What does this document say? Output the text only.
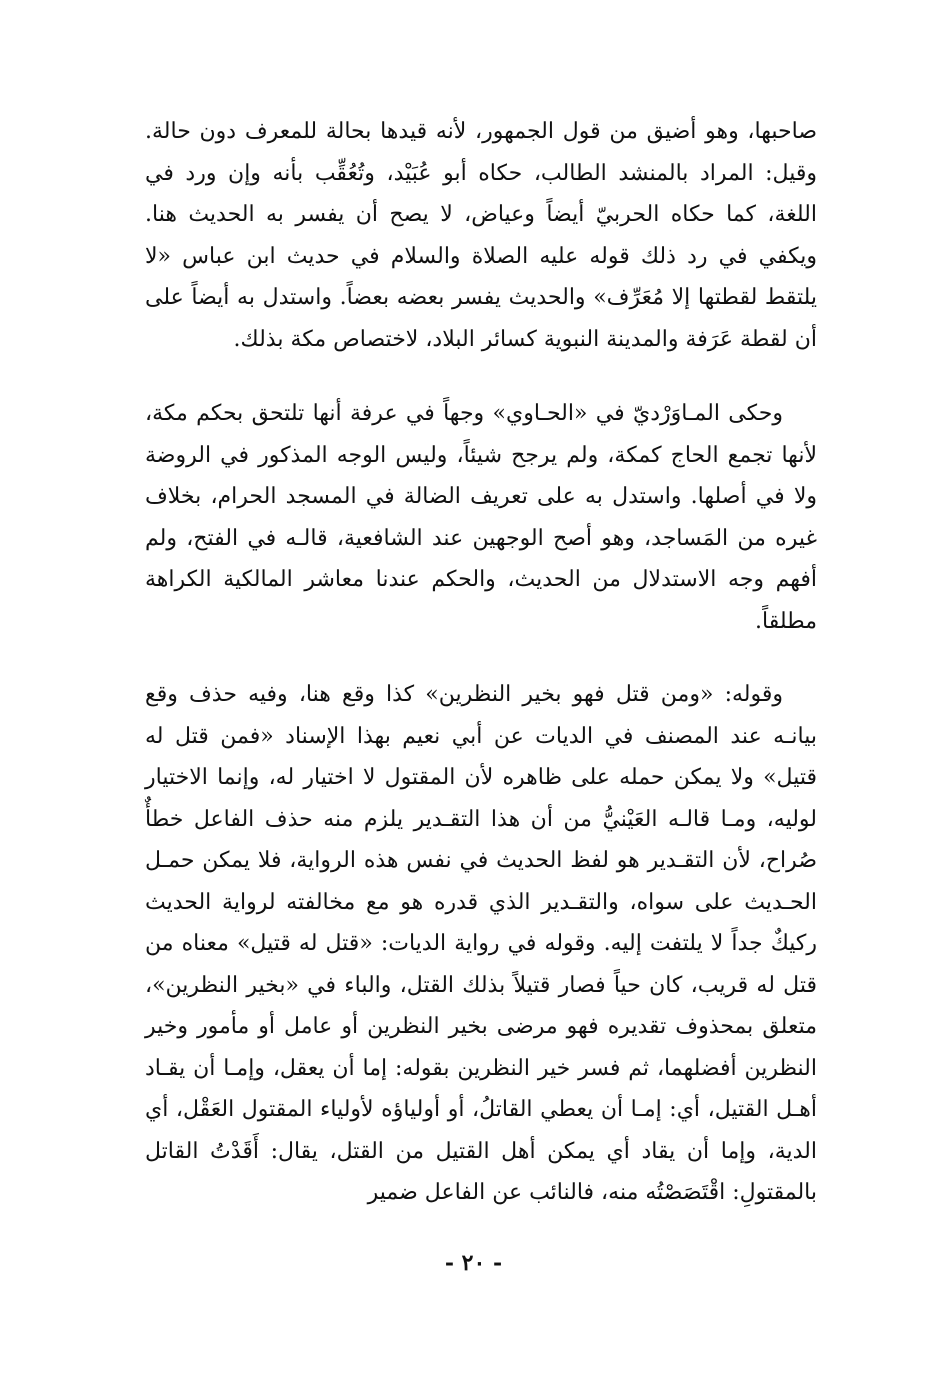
صاحبها، وهو أضيق من قول الجمهور، لأنه قيدها بحالة للمعرف دون حالة. وقيل: المراد بالمنشد الطالب، حكاه أبو عُبَيْد، وتُعُقِّب بأنه وإن ورد في اللغة، كما حكاه الحربيّ أيضاً وعياض، لا يصح أن يفسر به الحديث هنا. ويكفي في رد ذلك قوله عليه الصلاة والسلام في حديث ابن عباس «لا يلتقط لقطتها إلا مُعَرِّف» والحديث يفسر بعضه بعضاً. واستدل به أيضاً على أن لقطة عَرَفة والمدينة النبوية كسائر البلاد، لاختصاص مكة بذلك.

وحكى المـاوَرْديّ في «الحـاوي» وجهاً في عرفة أنها تلتحق بحكم مكة، لأنها تجمع الحاج كمكة، ولم يرجح شيئاً، وليس الوجه المذكور في الروضة ولا في أصلها. واستدل به على تعريف الضالة في المسجد الحرام، بخلاف غيره من المَساجد، وهو أصح الوجهين عند الشافعية، قالـه في الفتح، ولم أفهم وجه الاستدلال من الحديث، والحكم عندنا معاشر المالكية الكراهة مطلقاً.

وقوله: «ومن قتل فهو بخير النظرين» كذا وقع هنا، وفيه حذف وقع بيانـه عند المصنف في الديات عن أبي نعيم بهذا الإسناد «فمن قتل له قتيل» ولا يمكن حمله على ظاهره لأن المقتول لا اختيار له، وإنما الاختيار لوليه، ومـا قالـه العَيْنيُّ من أن هذا التقـدير يلزم منه حذف الفاعل خطأٌ صُراح، لأن التقـدير هو لفظ الحديث في نفس هذه الرواية، فلا يمكن حمـل الحـديث على سواه، والتقـدير الذي قدره هو مع مخالفته لرواية الحديث ركيكٌ جداً لا يلتفت إليه. وقوله في رواية الديات: «قتل له قتيل» معناه من قتل له قريب، كان حياً فصار قتيلاً بذلك القتل، والباء في «بخير النظرين»، متعلق بمحذوف تقديره فهو مرضى بخير النظرين أو عامل أو مأمور وخير النظرين أفضلهما، ثم فسر خير النظرين بقوله: إما أن يعقل، وإمـا أن يقـاد أهـل القتيل، أي: إمـا أن يعطي القاتلُ، أو أولياؤه لأولياء المقتول العَقْل، أي الدية، وإما أن يقاد أي يمكن أهل القتيل من القتل، يقال: أَقَدْتُ القاتل بالمقتولِ: اقْتَصَصْتُه منه، فالنائب عن الفاعل ضمير

- ٢٠ -
